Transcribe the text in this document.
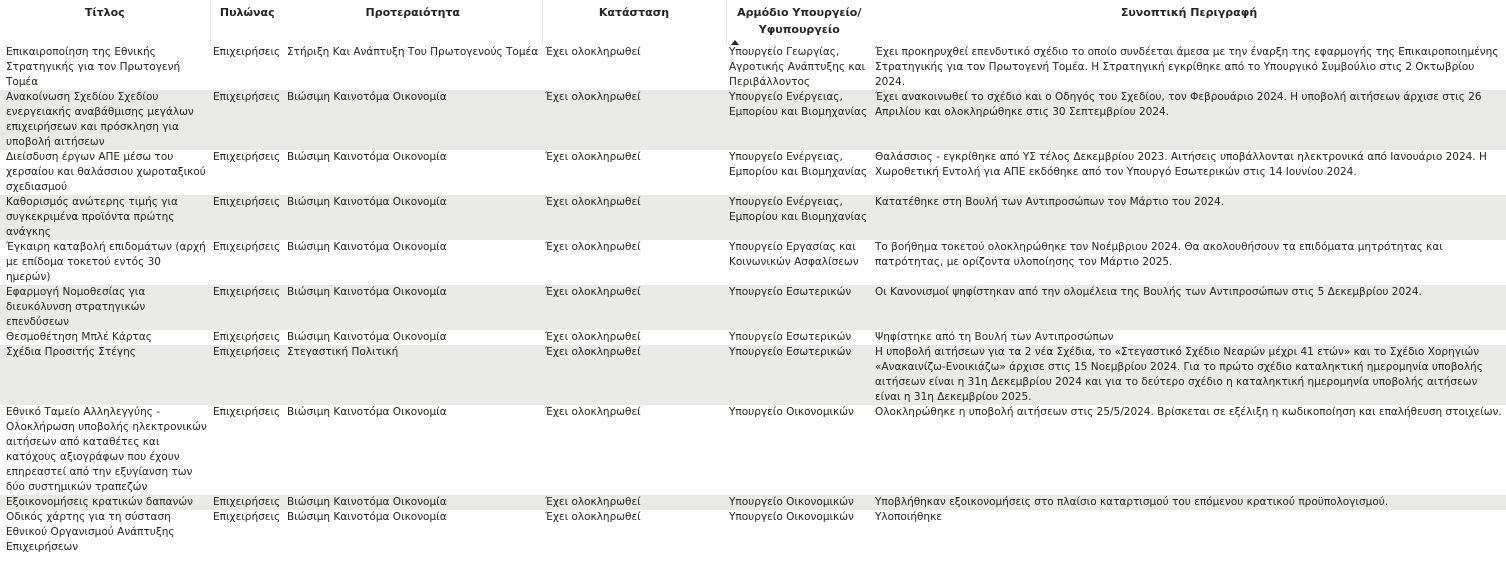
Τίτλος	Πυλώνας	Προτεραιότητα	Κατάσταση	Αρμόδιο Υπουργείο/ Υφυπουργείο	Συνοπτική Περιγραφή

Επικαιροποίηση της Εθνικής Στρατηγικής για τον Πρωτογενή Τομέα	Επιχειρήσεις	Στήριξη Και Ανάπτυξη Του Πρωτογενούς Τομέα	Έχει ολοκληρωθεί	Υπουργείο Γεωργίας, Αγροτικής Ανάπτυξης και Περιβάλλοντος	Έχει προκηρυχθεί επενδυτικό σχέδιο το οποίο συνδέεται άμεσα με την έναρξη της εφαρμογής της Επικαιροποιημένης Στρατηγικής για τον Πρωτογενή Τομέα. Η Στρατηγική εγκρίθηκε από το Υπουργικό Συμβούλιο στις 2 Οκτωβρίου 2024.
Ανακοίνωση Σχεδίου Σχεδίου ενεργειακής αναβάθμισης μεγάλων επιχειρήσεων και πρόσκληση για υποβολή αιτήσεων	Επιχειρήσεις	Βιώσιμη Καινοτόμα Οικονομία	Έχει ολοκληρωθεί	Υπουργείο Ενέργειας, Εμπορίου και Βιομηχανίας	Έχει ανακοινωθεί το σχέδιο και ο Οδηγός του Σχεδίου, τον Φεβρουάριο 2024. Η υποβολή αιτήσεων άρχισε στις 26 Απριλίου και ολοκληρώθηκε στις 30 Σεπτεμβρίου 2024.
Διείσδυση έργων ΑΠΕ μέσω του χερσαίου και θαλάσσιου χωροταξικού σχεδιασμού	Επιχειρήσεις	Βιώσιμη Καινοτόμα Οικονομία	Έχει ολοκληρωθεί	Υπουργείο Ενέργειας, Εμπορίου και Βιομηχανίας	Θαλάσσιος - εγκρίθηκε από ΥΣ τέλος Δεκεμβρίου 2023. Αιτήσεις υποβάλλονται ηλεκτρονικά από Ιανουάριο 2024. Η Χωροθετική Εντολή για ΑΠΕ εκδόθηκε από τον Υπουργό Εσωτερικών στις 14 Ιουνίου 2024.
Καθορισμός ανώτερης τιμής για συγκεκριμένα προϊόντα πρώτης ανάγκης	Επιχειρήσεις	Βιώσιμη Καινοτόμα Οικονομία	Έχει ολοκληρωθεί	Υπουργείο Ενέργειας, Εμπορίου και Βιομηχανίας	Κατατέθηκε στη Βουλή των Αντιπροσώπων τον Μάρτιο του 2024.
Έγκαιρη καταβολή επιδομάτων (αρχή με επίδομα τοκετού εντός 30 ημερών)	Επιχειρήσεις	Βιώσιμη Καινοτόμα Οικονομία	Έχει ολοκληρωθεί	Υπουργείο Εργασίας και Κοινωνικών Ασφαλίσεων	Το βοήθημα τοκετού ολοκληρώθηκε τον Νοέμβριου 2024. Θα ακολουθήσουν τα επιδόματα μητρότητας και πατρότητας, με ορίζοντα υλοποίησης τον Μάρτιο 2025.
Εφαρμογή Νομοθεσίας για διευκόλυνση στρατηγικών επενδύσεων	Επιχειρήσεις	Βιώσιμη Καινοτόμα Οικονομία	Έχει ολοκληρωθεί	Υπουργείο Εσωτερικών	Οι Κανονισμοί ψηφίστηκαν από την ολομέλεια της Βουλής των Αντιπροσώπων στις 5 Δεκεμβρίου 2024.
Θεσμοθέτηση Μπλέ Κάρτας	Επιχειρήσεις	Βιώσιμη Καινοτόμα Οικονομία	Έχει ολοκληρωθεί	Υπουργείο Εσωτερικών	Ψηφίστηκε από τη Βουλή των Αντιπροσώπων
Σχέδια Προσιτής Στέγης	Επιχειρήσεις	Στεγαστική Πολιτική	Έχει ολοκληρωθεί	Υπουργείο Εσωτερικών	Η υποβολή αιτήσεων για τα 2 νέα Σχέδια, το «Στεγαστικό Σχέδιο Νεαρών μέχρι 41 ετών» και το Σχέδιο Χορηγιών «Ανακαινίζω-Ενοικιάζω» άρχισε στις 15 Νοεμβρίου 2024. Για το πρώτο σχέδιο καταληκτική ημερομηνία υποβολής αιτήσεων είναι η 31η Δεκεμβρίου 2024 και για το δεύτερο σχέδιο η καταληκτική ημερομηνία υποβολής αιτήσεων είναι η 31η Δεκεμβρίου 2025.
Εθνικό Ταμείο Αλληλεγγύης - Ολοκλήρωση υποβολής ηλεκτρονικών αιτήσεων από καταθέτες και κατόχους αξιογράφων που έχουν επηρεαστεί από την εξυγίανση των δύο συστημικών τραπεζών	Επιχειρήσεις	Βιώσιμη Καινοτόμα Οικονομία	Έχει ολοκληρωθεί	Υπουργείο Οικονομικών	Ολοκληρώθηκε η υποβολή αιτήσεων στις 25/5/2024. Βρίσκεται σε εξέλιξη η κωδικοποίηση και επαλήθευση στοιχείων.
Εξοικονομήσεις κρατικών δαπανών	Επιχειρήσεις	Βιώσιμη Καινοτόμα Οικονομία	Έχει ολοκληρωθεί	Υπουργείο Οικονομικών	Υποβλήθηκαν εξοικονομήσεις στο πλαίσιο καταρτισμού του επόμενου κρατικού προϋπολογισμού.
Οδικός χάρτης για τη σύσταση Εθνικού Οργανισμού Ανάπτυξης Επιχειρήσεων	Επιχειρήσεις	Βιώσιμη Καινοτόμα Οικονομία	Έχει ολοκληρωθεί	Υπουργείο Οικονομικών	Υλοποιήθηκε
